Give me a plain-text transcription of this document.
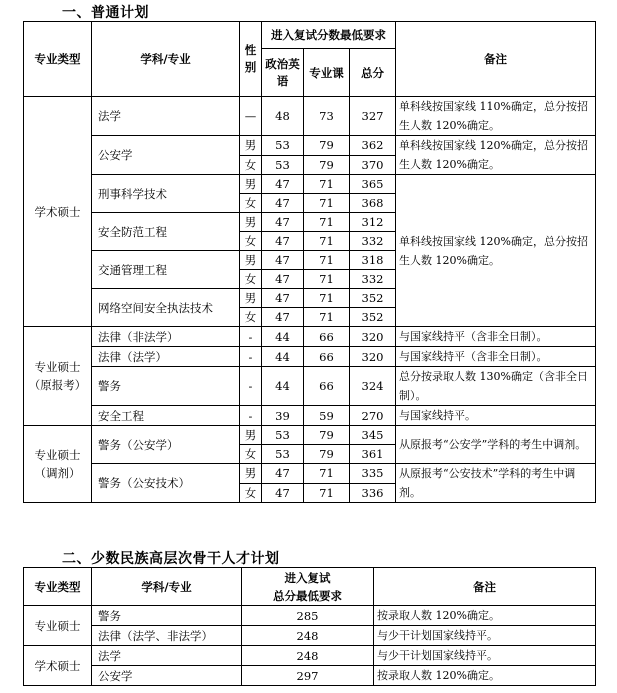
一、普通计划
专业类型	学科/专业	性别	进入复试分数最低要求			备注
			政治英语	专业课	总分	

学术硕士	法学	—	48	73	327	单科线按国家线 110%确定，总分按招生人数 120%确定。
	公安学	男	53	79	362	单科线按国家线 120%确定，总分按招生人数 120%确定。
		女	53	79	370	
	刑事科学技术	男	47	71	365	单科线按国家线 120%确定，总分按招生人数 120%确定。
		女	47	71	368	
	安全防范工程	男	47	71	312	
		女	47	71	332	
	交通管理工程	男	47	71	318	
		女	47	71	332	
	网络空间安全执法技术	男	47	71	352	
		女	47	71	352	

专业硕士
（原报考）	法律（非法学）	-	44	66	320	与国家线持平（含非全日制）。
	法律（法学）	-	44	66	320	与国家线持平（含非全日制）。
	警务	-	44	66	324	总分按录取人数 130%确定（含非全日制）。
	安全工程	-	39	59	270	与国家线持平。

专业硕士
（调剂）	警务（公安学）	男	53	79	345	从原报考“公安学”学科的考生中调剂。
		女	53	79	361	
	警务（公安技术）	男	47	71	335	从原报考“公安技术”学科的考生中调剂。
		女	47	71	336	
二、少数民族高层次骨干人才计划
专业类型	学科/专业	进入复试
总分最低要求	备注
专业硕士	警务	285	按录取人数 120%确定。
	法律（法学、非法学）	248	与少干计划国家线持平。
学术硕士	法学	248	与少干计划国家线持平。
	公安学	297	按录取人数 120%确定。
